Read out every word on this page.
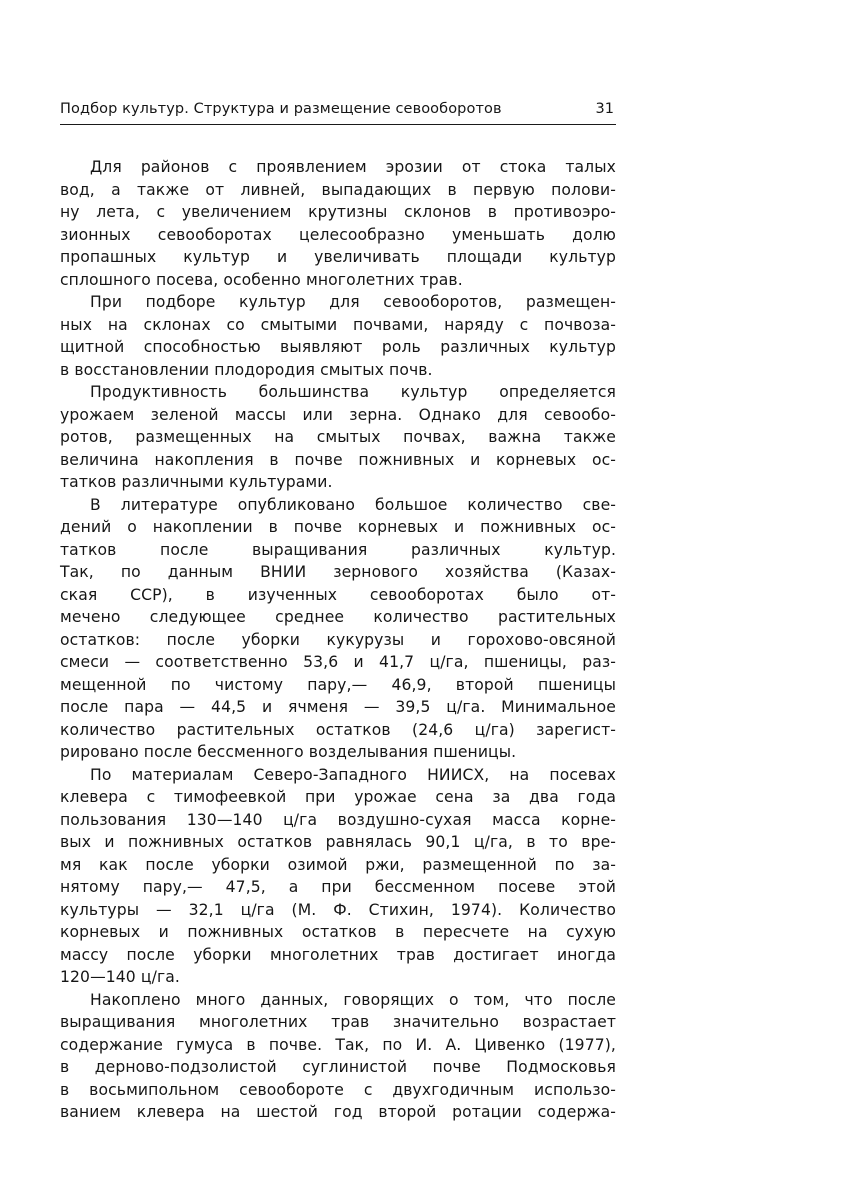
Подбор культур. Структура и размещение севооборотов	31
Для районов с проявлением эрозии от стока талых
вод, а также от ливней, выпадающих в первую полови-
ну лета, с увеличением крутизны склонов в противоэро-
зионных севооборотах целесообразно уменьшать долю
пропашных культур и увеличивать площади культур
сплошного посева, особенно многолетних трав.
При подборе культур для севооборотов, размещен-
ных на склонах со смытыми почвами, наряду с почвоза-
щитной способностью выявляют роль различных культур
в восстановлении плодородия смытых почв.
Продуктивность большинства культур определяется
урожаем зеленой массы или зерна. Однако для севообо-
ротов, размещенных на смытых почвах, важна также
величина накопления в почве пожнивных и корневых ос-
татков различными культурами.
В литературе опубликовано большое количество све-
дений о накоплении в почве корневых и пожнивных ос-
татков после выращивания различных культур.
Так, по данным ВНИИ зернового хозяйства (Казах-
ская ССР), в изученных севооборотах было от-
мечено следующее среднее количество растительных
остатков: после уборки кукурузы и горохово-овсяной
смеси — соответственно 53,6 и 41,7 ц/га, пшеницы, раз-
мещенной по чистому пару,— 46,9, второй пшеницы
после пара — 44,5 и ячменя — 39,5 ц/га. Минимальное
количество растительных остатков (24,6 ц/га) зарегист-
рировано после бессменного возделывания пшеницы.
По материалам Северо-Западного НИИСХ, на посевах
клевера с тимофеевкой при урожае сена за два года
пользования 130—140 ц/га воздушно-сухая масса корне-
вых и пожнивных остатков равнялась 90,1 ц/га, в то вре-
мя как после уборки озимой ржи, размещенной по за-
нятому пару,— 47,5, а при бессменном посеве этой
культуры — 32,1 ц/га (М. Ф. Стихин, 1974). Количество
корневых и пожнивных остатков в пересчете на сухую
массу после уборки многолетних трав достигает иногда
120—140 ц/га.
Накоплено много данных, говорящих о том, что после
выращивания многолетних трав значительно возрастает
содержание гумуса в почве. Так, по И. А. Цивенко (1977),
в дерново-подзолистой суглинистой почве Подмосковья
в восьмипольном севообороте с двухгодичным использо-
ванием клевера на шестой год второй ротации содержа-
